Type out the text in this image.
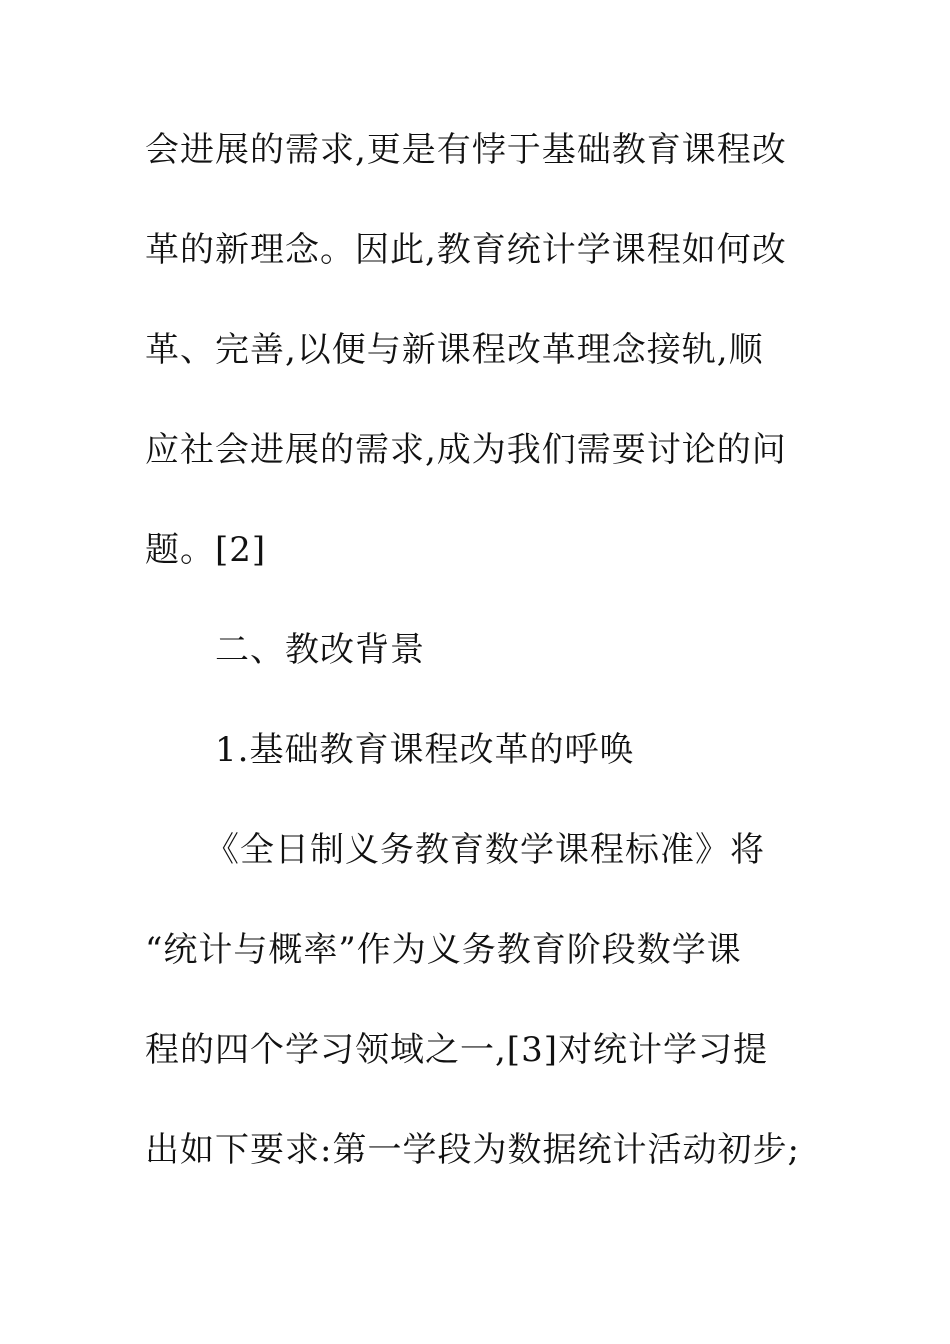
会进展的需求,更是有悖于基础教育课程改
革的新理念。因此,教育统计学课程如何改
革、完善,以便与新课程改革理念接轨,顺
应社会进展的需求,成为我们需要讨论的问
题。[2]
二、教改背景
1.基础教育课程改革的呼唤
《全日制义务教育数学课程标准》将
“统计与概率”作为义务教育阶段数学课
程的四个学习领域之一,[3]对统计学习提
出如下要求:第一学段为数据统计活动初步;
